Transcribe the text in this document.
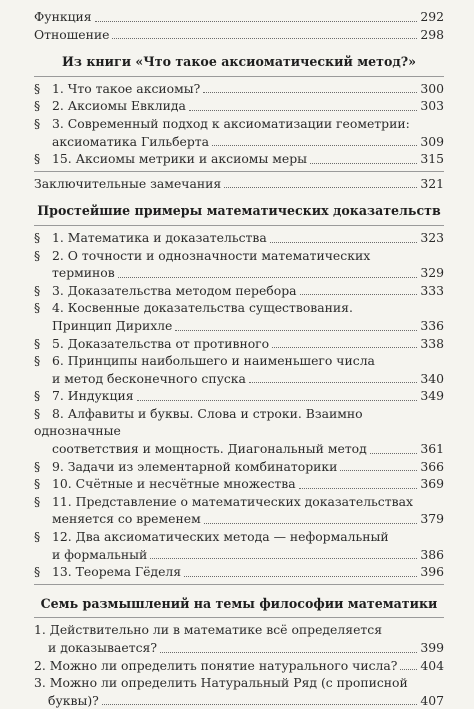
Функция	292
Отношение	298
Из книги «Что такое аксиоматический метод?»
§ 1. Что такое аксиомы?	300
§ 2. Аксиомы Евклида	303
§ 3. Современный подход к аксиоматизации геометрии:
аксиоматика Гильберта	309
§ 15. Аксиомы метрики и аксиомы меры	315
Заключительные замечания	321
Простейшие примеры математических доказательств
§ 1. Математика и доказательства	323
§ 2. О точности и однозначности математических
терминов	329
§ 3. Доказательства методом перебора	333
§ 4. Косвенные доказательства существования.
Принцип Дирихле	336
§ 5. Доказательства от противного	338
§ 6. Принципы наибольшего и наименьшего числа
и метод бесконечного спуска	340
§ 7. Индукция	349
§ 8. Алфавиты и буквы. Слова и строки. Взаимно однозначные
соответствия и мощность. Диагональный метод	361
§ 9. Задачи из элементарной комбинаторики	366
§ 10. Счётные и несчётные множества	369
§ 11. Представление о математических доказательствах
меняется со временем	379
§ 12. Два аксиоматических метода — неформальный
и формальный	386
§ 13. Теорема Гёделя	396
Семь размышлений на темы философии математики
1. Действительно ли в математике всё определяется
и доказывается?	399
2. Можно ли определить понятие натурального числа? 404
3. Можно ли определить Натуральный Ряд (с прописной
буквы)?	407
